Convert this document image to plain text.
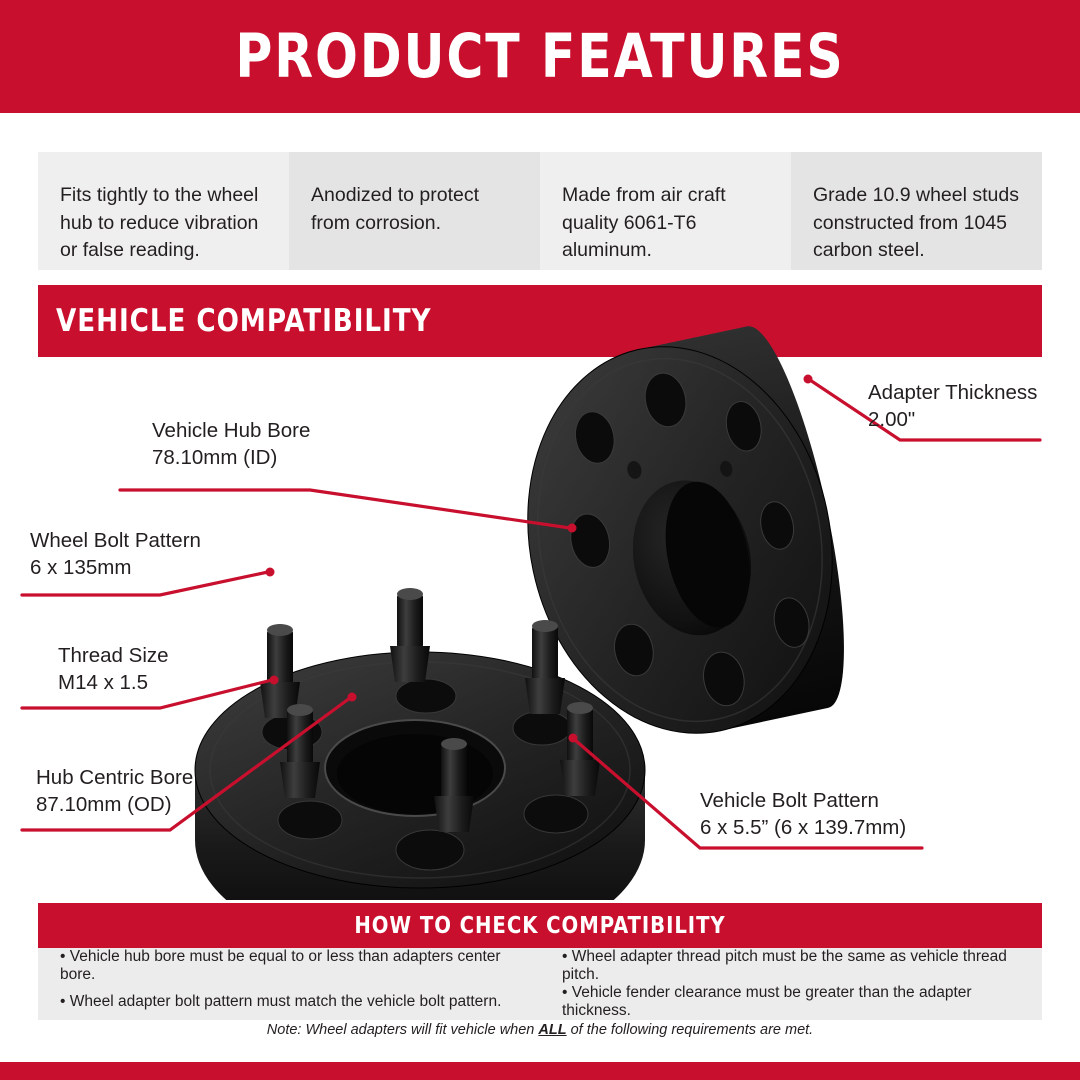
PRODUCT FEATURES
Fits tightly to the wheel hub to reduce vibration or false reading.
Anodized to protect from corrosion.
Made from air craft quality 6061-T6 aluminum.
Grade 10.9 wheel studs constructed from 1045 carbon steel.
VEHICLE COMPATIBILITY
Adapter Thickness
2.00"
Vehicle Hub Bore
78.10mm (ID)
Wheel Bolt Pattern
6 x 135mm
Thread Size
M14 x 1.5
Hub Centric Bore
87.10mm (OD)	Vehicle Bolt Pattern
6 x 5.5” (6 x 139.7mm)
HOW TO CHECK COMPATIBILITY
• Vehicle hub bore must be equal to or less than adapters center bore.
• Wheel adapter thread pitch must be the same as vehicle thread pitch.
• Wheel adapter bolt pattern must match the vehicle bolt pattern.
• Vehicle fender clearance must be greater than the adapter thickness.
Note: Wheel adapters will fit vehicle when ALL of the following requirements are met.
